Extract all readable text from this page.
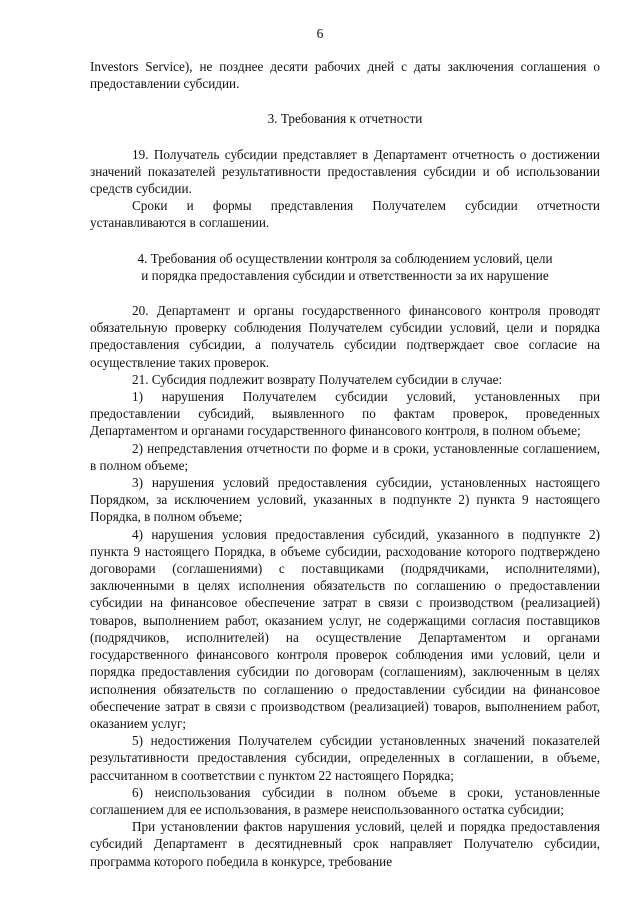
6

Investors Service), не позднее десяти рабочих дней с даты заключения соглашения о предоставлении субсидии.

3. Требования к отчетности

19. Получатель субсидии представляет в Департамент отчетность о достижении значений показателей результативности предоставления субсидии и об использовании средств субсидии.

Сроки и формы представления Получателем субсидии отчетности устанавливаются в соглашении.

4. Требования об осуществлении контроля за соблюдением условий, цели

и порядка предоставления субсидии и ответственности за их нарушение

20. Департамент и органы государственного финансового контроля проводят обязательную проверку соблюдения Получателем субсидии условий, цели и порядка предоставления субсидии, а получатель субсидии подтверждает свое согласие на осуществление таких проверок.

21. Субсидия подлежит возврату Получателем субсидии в случае:

1) нарушения Получателем субсидии условий, установленных при предоставлении субсидий, выявленного по фактам проверок, проведенных Департаментом и органами государственного финансового контроля, в полном объеме;

2) непредставления отчетности по форме и в сроки, установленные соглашением, в полном объеме;

3) нарушения условий предоставления субсидии, установленных настоящего Порядком, за исключением условий, указанных в подпункте 2) пункта 9 настоящего Порядка, в полном объеме;

4) нарушения условия предоставления субсидий, указанного в подпункте 2) пункта 9 настоящего Порядка, в объеме субсидии, расходование которого подтверждено договорами (соглашениями) с поставщиками (подрядчиками, исполнителями), заключенными в целях исполнения обязательств по соглашению о предоставлении субсидии на финансовое обеспечение затрат в связи с производством (реализацией) товаров, выполнением работ, оказанием услуг, не содержащими согласия поставщиков (подрядчиков, исполнителей) на осуществление Департаментом и органами государственного финансового контроля проверок соблюдения ими условий, цели и порядка предоставления субсидии по договорам (соглашениям), заключенным в целях исполнения обязательств по соглашению о предоставлении субсидии на финансовое обеспечение затрат в связи с производством (реализацией) товаров, выполнением работ, оказанием услуг;

5) недостижения Получателем субсидии установленных значений показателей результативности предоставления субсидии, определенных в соглашении, в объеме, рассчитанном в соответствии с пунктом 22 настоящего Порядка;

6) неиспользования субсидии в полном объеме в сроки, установленные соглашением для ее использования, в размере неиспользованного остатка субсидии;

При установлении фактов нарушения условий, целей и порядка предоставления субсидий Департамент в десятидневный срок направляет Получателю субсидии, программа которого победила в конкурсе, требование
